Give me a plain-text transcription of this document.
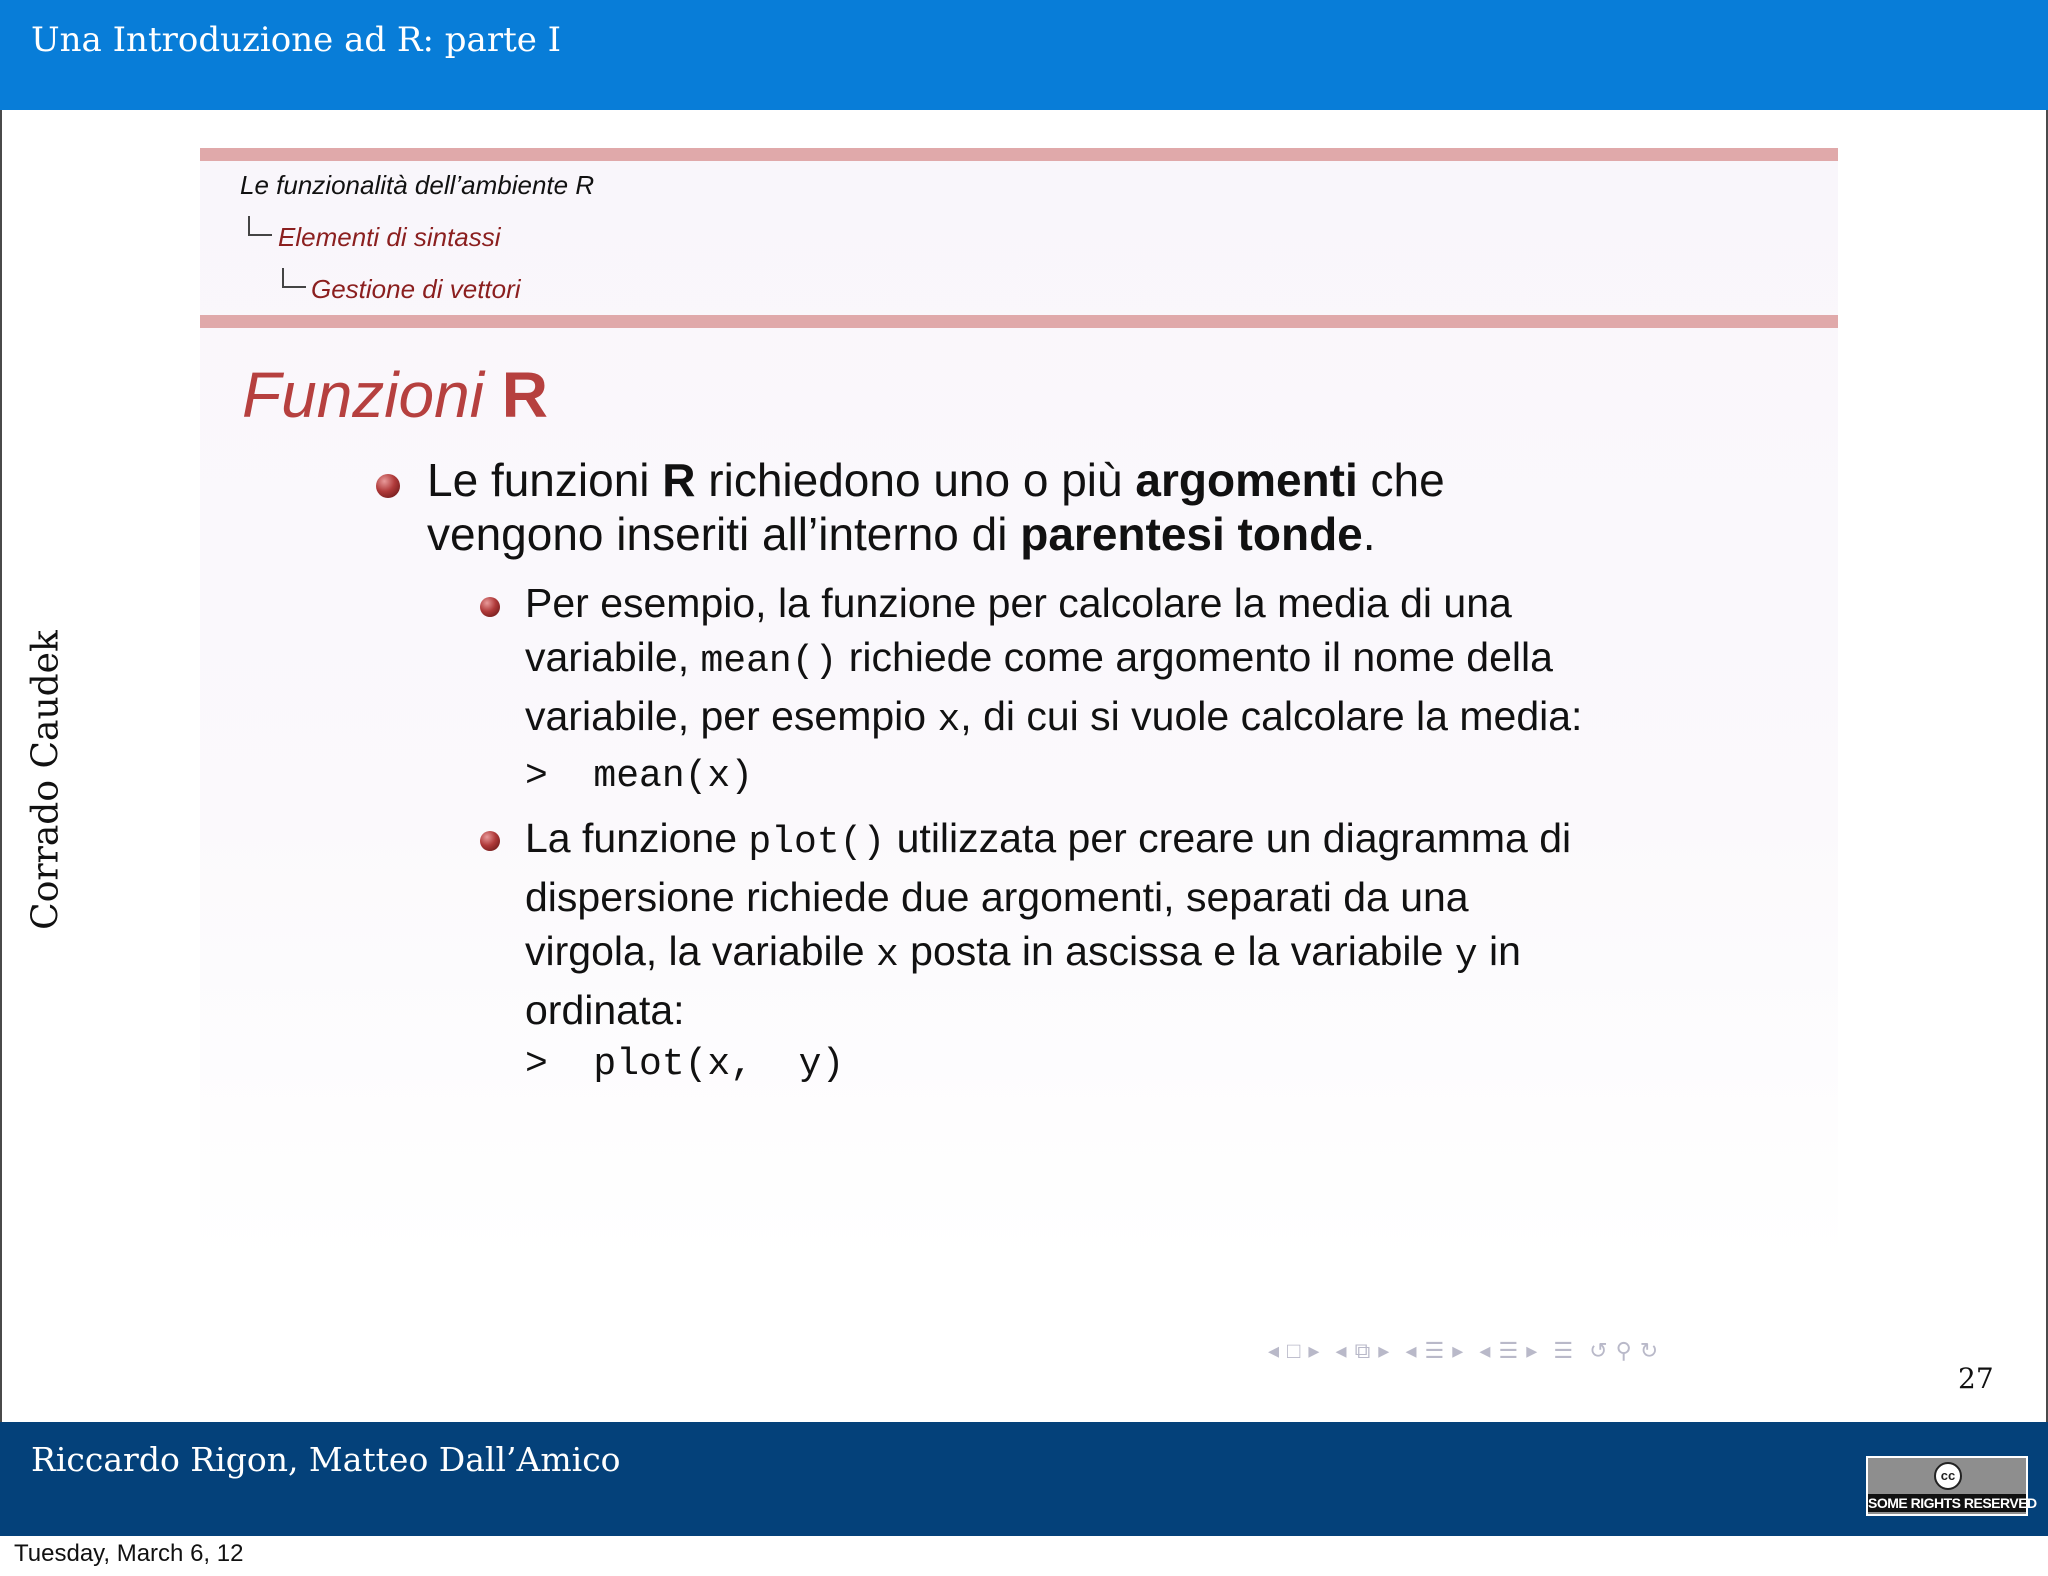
Una Introduzione ad R: parte I
Corrado Caudek
Le funzionalità dell’ambiente R
Elementi di sintassi
Gestione di vettori
Funzioni R
Le funzioni R richiedono uno o più argomenti che
vengono inseriti all’interno di parentesi tonde.
Per esempio, la funzione per calcolare la media di una
variabile, mean() richiede come argomento il nome della
variabile, per esempio x, di cui si vuole calcolare la media:
>  mean(x)
La funzione plot() utilizzata per creare un diagramma di
dispersione richiede due argomenti, separati da una
virgola, la variabile x posta in ascissa e la variabile y in
ordinata:
>  plot(x,  y)
◂ □ ▸ ◂ ⧉ ▸ ◂ ☰ ▸ ◂ ☰ ▸ ☰ ↺ ⚲ ↻
27
Riccardo Rigon, Matteo Dall’Amico	cc
SOME RIGHTS RESERVED
Tuesday, March 6, 12
